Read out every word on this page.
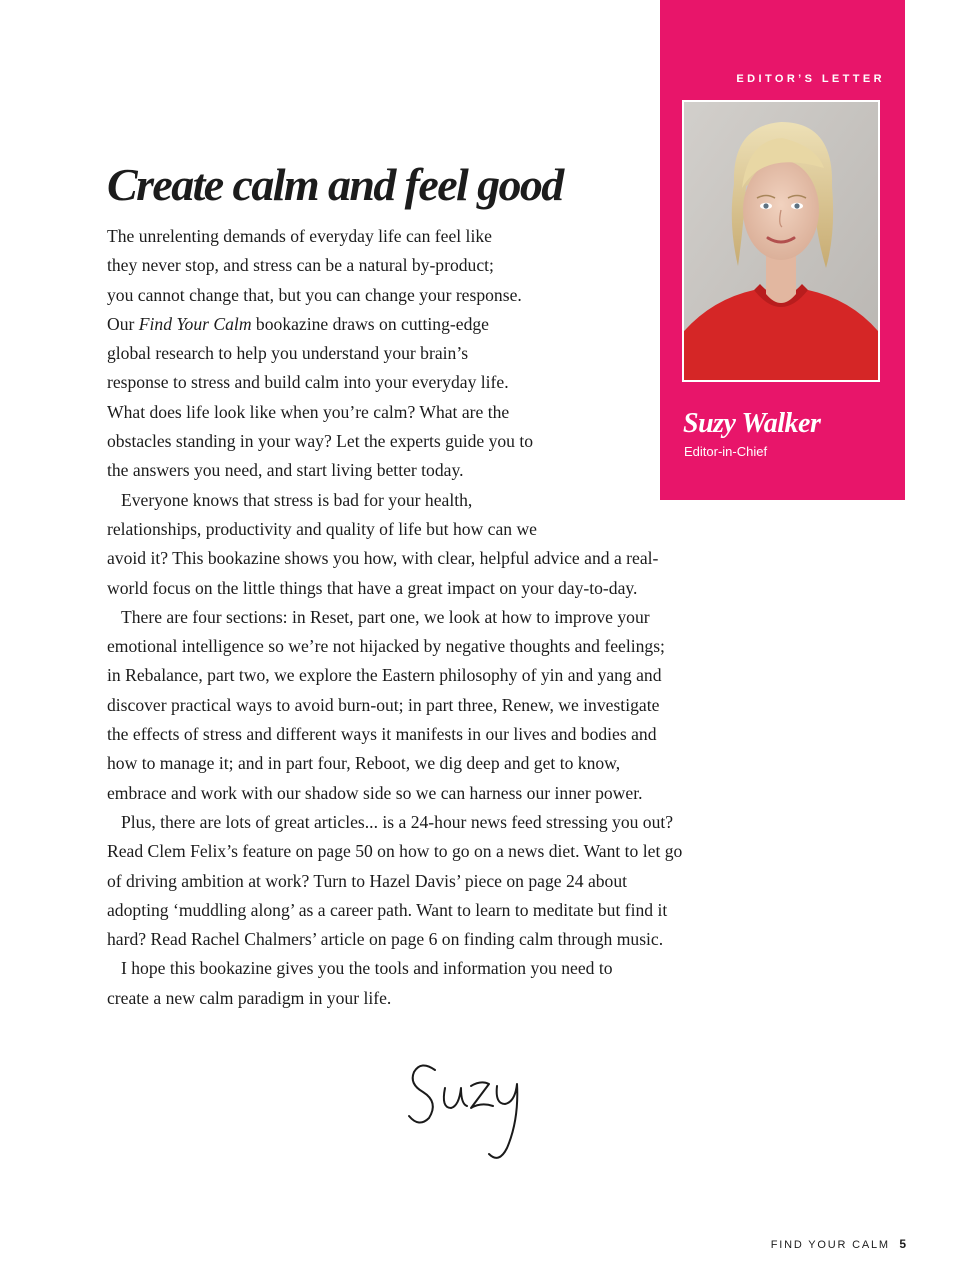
EDITOR’S LETTER
Suzy Walker
Editor-in-Chief
Create calm and feel good
The unrelenting demands of everyday life can feel like
they never stop, and stress can be a natural by-product;
you cannot change that, but you can change your response.
Our Find Your Calm bookazine draws on cutting-edge
global research to help you understand your brain’s
response to stress and build calm into your everyday life.
What does life look like when you’re calm? What are the
obstacles standing in your way? Let the experts guide you to
the answers you need, and start living better today.
Everyone knows that stress is bad for your health,
relationships, productivity and quality of life but how can we
avoid it? This bookazine shows you how, with clear, helpful advice and a real-
world focus on the little things that have a great impact on your day-to-day.
There are four sections: in Reset, part one, we look at how to improve your
emotional intelligence so we’re not hijacked by negative thoughts and feelings;
in Rebalance, part two, we explore the Eastern philosophy of yin and yang and
discover practical ways to avoid burn-out; in part three, Renew, we investigate
the effects of stress and different ways it manifests in our lives and bodies and
how to manage it; and in part four, Reboot, we dig deep and get to know,
embrace and work with our shadow side so we can harness our inner power.
Plus, there are lots of great articles... is a 24-hour news feed stressing you out?
Read Clem Felix’s feature on page 50 on how to go on a news diet. Want to let go
of driving ambition at work? Turn to Hazel Davis’ piece on page 24 about
adopting ‘muddling along’ as a career path. Want to learn to meditate but find it
hard? Read Rachel Chalmers’ article on page 6 on finding calm through music.
I hope this bookazine gives you the tools and information you need to
create a new calm paradigm in your life.
FIND YOUR CALM 5
